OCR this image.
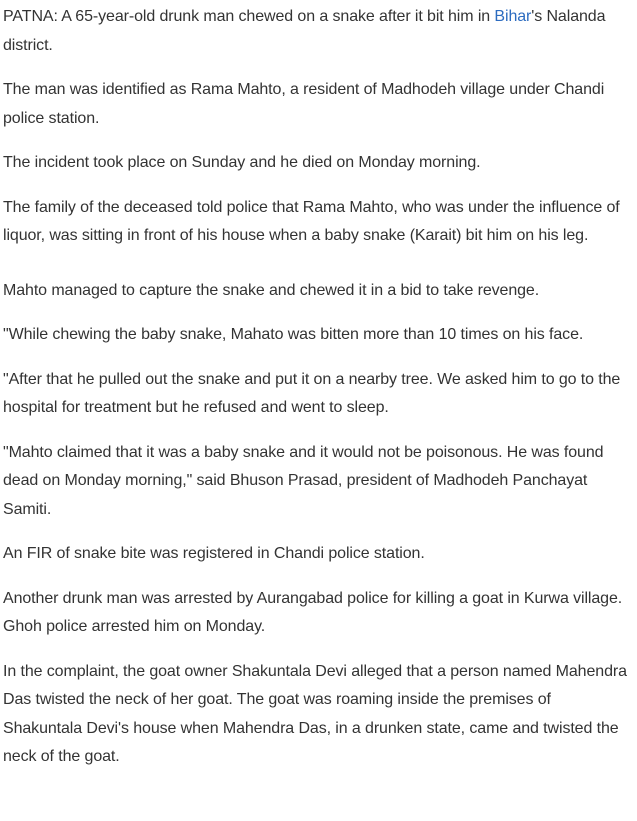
PATNA: A 65-year-old drunk man chewed on a snake after it bit him in Bihar's Nalanda district.

The man was identified as Rama Mahto, a resident of Madhodeh village under Chandi police station.

The incident took place on Sunday and he died on Monday morning.

The family of the deceased told police that Rama Mahto, who was under the influence of liquor, was sitting in front of his house when a baby snake (Karait) bit him on his leg.

Mahto managed to capture the snake and chewed it in a bid to take revenge.

"While chewing the baby snake, Mahato was bitten more than 10 times on his face.

"After that he pulled out the snake and put it on a nearby tree. We asked him to go to the hospital for treatment but he refused and went to sleep.

"Mahto claimed that it was a baby snake and it would not be poisonous. He was found dead on Monday morning," said Bhuson Prasad, president of Madhodeh Panchayat Samiti.

An FIR of snake bite was registered in Chandi police station.

Another drunk man was arrested by Aurangabad police for killing a goat in Kurwa village. Ghoh police arrested him on Monday.

In the complaint, the goat owner Shakuntala Devi alleged that a person named Mahendra Das twisted the neck of her goat. The goat was roaming inside the premises of Shakuntala Devi's house when Mahendra Das, in a drunken state, came and twisted the neck of the goat.
